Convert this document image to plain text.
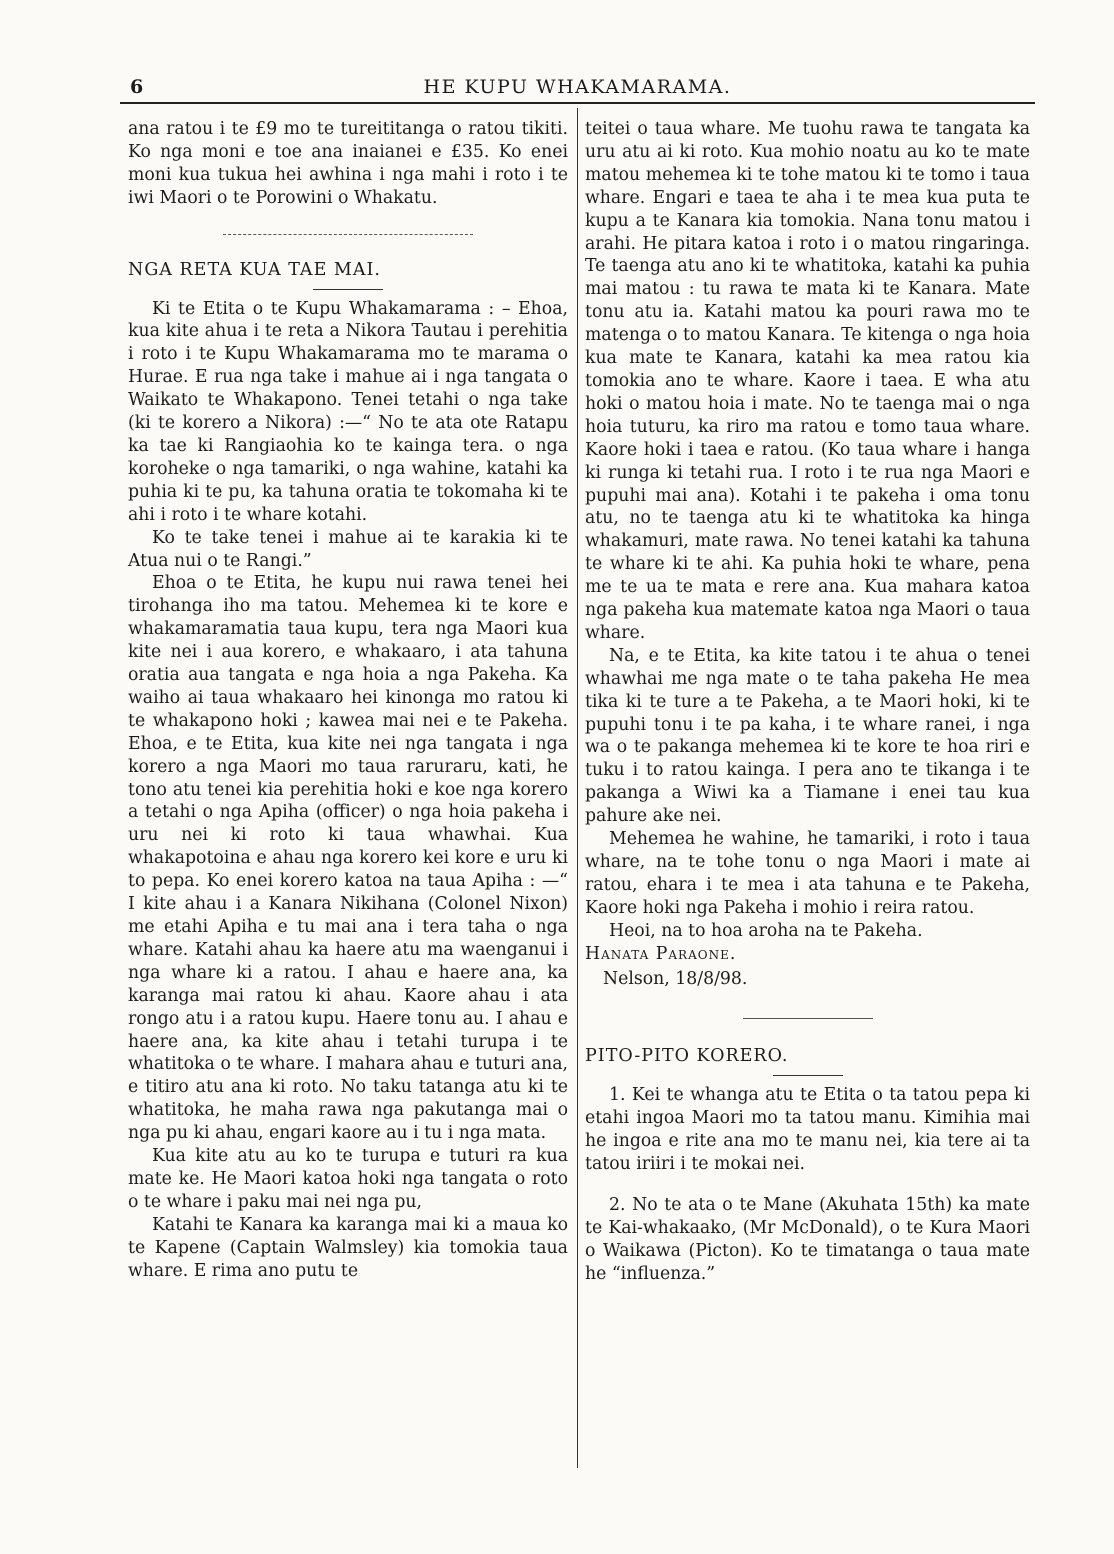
6	HE KUPU WHAKAMARAMA.

ana ratou i te £9 mo te tureititanga o ratou tikiti. Ko nga moni e toe ana inaianei e £35. Ko enei moni kua tukua hei awhina i nga mahi i roto i te iwi Maori o te Porowini o Whakatu.

NGA RETA KUA TAE MAI.

Ki te Etita o te Kupu Whakamarama : – Ehoa, kua kite ahua i te reta a Nikora Tautau i perehitia i roto i te Kupu Whakamarama mo te marama o Hurae. E rua nga take i mahue ai i nga tangata o Waikato te Whakapono. Tenei tetahi o nga take (ki te korero a Nikora) :—“ No te ata ote Ratapu ka tae ki Rangiaohia ko te kainga tera. o nga koroheke o nga tamariki, o nga wahine, katahi ka puhia ki te pu, ka tahuna oratia te tokomaha ki te ahi i roto i te whare kotahi.

Ko te take tenei i mahue ai te karakia ki te Atua nui o te Rangi.”

Ehoa o te Etita, he kupu nui rawa tenei hei tirohanga iho ma tatou. Mehemea ki te kore e whakamaramatia taua kupu, tera nga Maori kua kite nei i aua korero, e whakaaro, i ata tahuna oratia aua tangata e nga hoia a nga Pakeha. Ka waiho ai taua whakaaro hei kinonga mo ratou ki te whakapono hoki ; kawea mai nei e te Pakeha. Ehoa, e te Etita, kua kite nei nga tangata i nga korero a nga Maori mo taua raruraru, kati, he tono atu tenei kia perehitia hoki e koe nga korero a tetahi o nga Apiha (officer) o nga hoia pakeha i uru nei ki roto ki taua whawhai. Kua whakapotoina e ahau nga korero kei kore e uru ki to pepa. Ko enei korero katoa na taua Apiha : —“ I kite ahau i a Kanara Nikihana (Colonel Nixon) me etahi Apiha e tu mai ana i tera taha o nga whare. Katahi ahau ka haere atu ma waenganui i nga whare ki a ratou. I ahau e haere ana, ka karanga mai ratou ki ahau. Kaore ahau i ata rongo atu i a ratou kupu. Haere tonu au. I ahau e haere ana, ka kite ahau i tetahi turupa i te whatitoka o te whare. I mahara ahau e tuturi ana, e titiro atu ana ki roto. No taku tatanga atu ki te whatitoka, he maha rawa nga pakutanga mai o nga pu ki ahau, engari kaore au i tu i nga mata.

Kua kite atu au ko te turupa e tuturi ra kua mate ke. He Maori katoa hoki nga tangata o roto o te whare i paku mai nei nga pu,

Katahi te Kanara ka karanga mai ki a maua ko te Kapene (Captain Walmsley) kia tomokia taua whare. E rima ano putu te

teitei o taua whare. Me tuohu rawa te tangata ka uru atu ai ki roto. Kua mohio noatu au ko te mate matou mehemea ki te tohe matou ki te tomo i taua whare. Engari e taea te aha i te mea kua puta te kupu a te Kanara kia tomokia. Nana tonu matou i arahi. He pitara katoa i roto i o matou ringaringa. Te taenga atu ano ki te whatitoka, katahi ka puhia mai matou : tu rawa te mata ki te Kanara. Mate tonu atu ia. Katahi matou ka pouri rawa mo te matenga o to matou Kanara. Te kitenga o nga hoia kua mate te Kanara, katahi ka mea ratou kia tomokia ano te whare. Kaore i taea. E wha atu hoki o matou hoia i mate. No te taenga mai o nga hoia tuturu, ka riro ma ratou e tomo taua whare. Kaore hoki i taea e ratou. (Ko taua whare i hanga ki runga ki tetahi rua. I roto i te rua nga Maori e pupuhi mai ana). Kotahi i te pakeha i oma tonu atu, no te taenga atu ki te whatitoka ka hinga whakamuri, mate rawa. No tenei katahi ka tahuna te whare ki te ahi. Ka puhia hoki te whare, pena me te ua te mata e rere ana. Kua mahara katoa nga pakeha kua matemate katoa nga Maori o taua whare.

Na, e te Etita, ka kite tatou i te ahua o tenei whawhai me nga mate o te taha pakeha He mea tika ki te ture a te Pakeha, a te Maori hoki, ki te pupuhi tonu i te pa kaha, i te whare ranei, i nga wa o te pakanga mehemea ki te kore te hoa riri e tuku i to ratou kainga. I pera ano te tikanga i te pakanga a Wiwi ka a Tiamane i enei tau kua pahure ake nei.

Mehemea he wahine, he tamariki, i roto i taua whare, na te tohe tonu o nga Maori i mate ai ratou, ehara i te mea i ata tahuna e te Pakeha, Kaore hoki nga Pakeha i mohio i reira ratou.

Heoi, na to hoa aroha na te Pakeha.

Hanata Paraone.

Nelson, 18/8/98.

PITO-PITO KORERO.

1. Kei te whanga atu te Etita o ta tatou pepa ki etahi ingoa Maori mo ta tatou manu. Kimihia mai he ingoa e rite ana mo te manu nei, kia tere ai ta tatou iriiri i te mokai nei.

2. No te ata o te Mane (Akuhata 15th) ka mate te Kai-whakaako, (Mr McDonald), o te Kura Maori o Waikawa (Picton). Ko te timatanga o taua mate he “influenza.”
